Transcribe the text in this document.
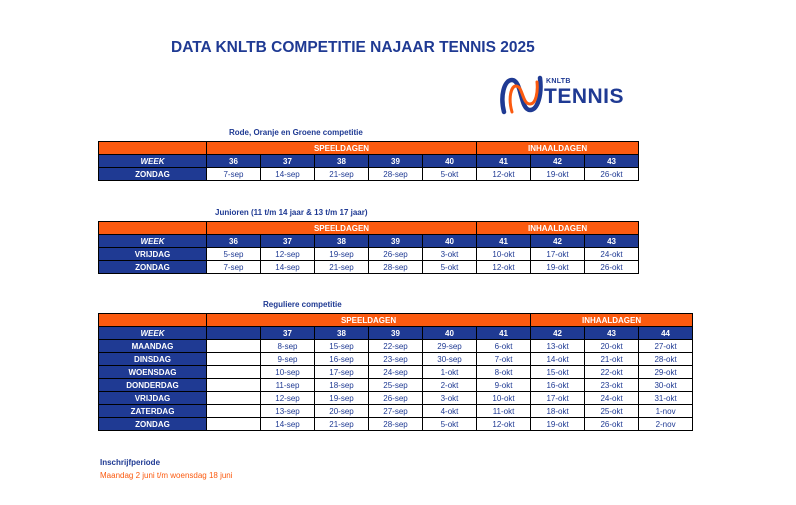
DATA KNLTB COMPETITIE NAJAAR TENNIS 2025
KNLTB
TENNIS
Rode, Oranje en Groene competitie
	SPEELDAGEN					INHAALDAGEN		
WEEK	36	37	38	39	40	41	42	43
ZONDAG	7-sep	14-sep	21-sep	28-sep	5-okt	12-okt	19-okt	26-okt
Junioren (11 t/m 14 jaar & 13 t/m 17 jaar)
	SPEELDAGEN					INHAALDAGEN		
WEEK	36	37	38	39	40	41	42	43
VRIJDAG	5-sep	12-sep	19-sep	26-sep	3-okt	10-okt	17-okt	24-okt
ZONDAG	7-sep	14-sep	21-sep	28-sep	5-okt	12-okt	19-okt	26-okt
Reguliere competitie
	SPEELDAGEN						INHAALDAGEN		
WEEK		37	38	39	40	41	42	43	44
MAANDAG		8-sep	15-sep	22-sep	29-sep	6-okt	13-okt	20-okt	27-okt
DINSDAG		9-sep	16-sep	23-sep	30-sep	7-okt	14-okt	21-okt	28-okt
WOENSDAG		10-sep	17-sep	24-sep	1-okt	8-okt	15-okt	22-okt	29-okt
DONDERDAG		11-sep	18-sep	25-sep	2-okt	9-okt	16-okt	23-okt	30-okt
VRIJDAG		12-sep	19-sep	26-sep	3-okt	10-okt	17-okt	24-okt	31-okt
ZATERDAG		13-sep	20-sep	27-sep	4-okt	11-okt	18-okt	25-okt	1-nov
ZONDAG		14-sep	21-sep	28-sep	5-okt	12-okt	19-okt	26-okt	2-nov
Inschrijfperiode
Maandag 2 juni t/m woensdag 18 juni
